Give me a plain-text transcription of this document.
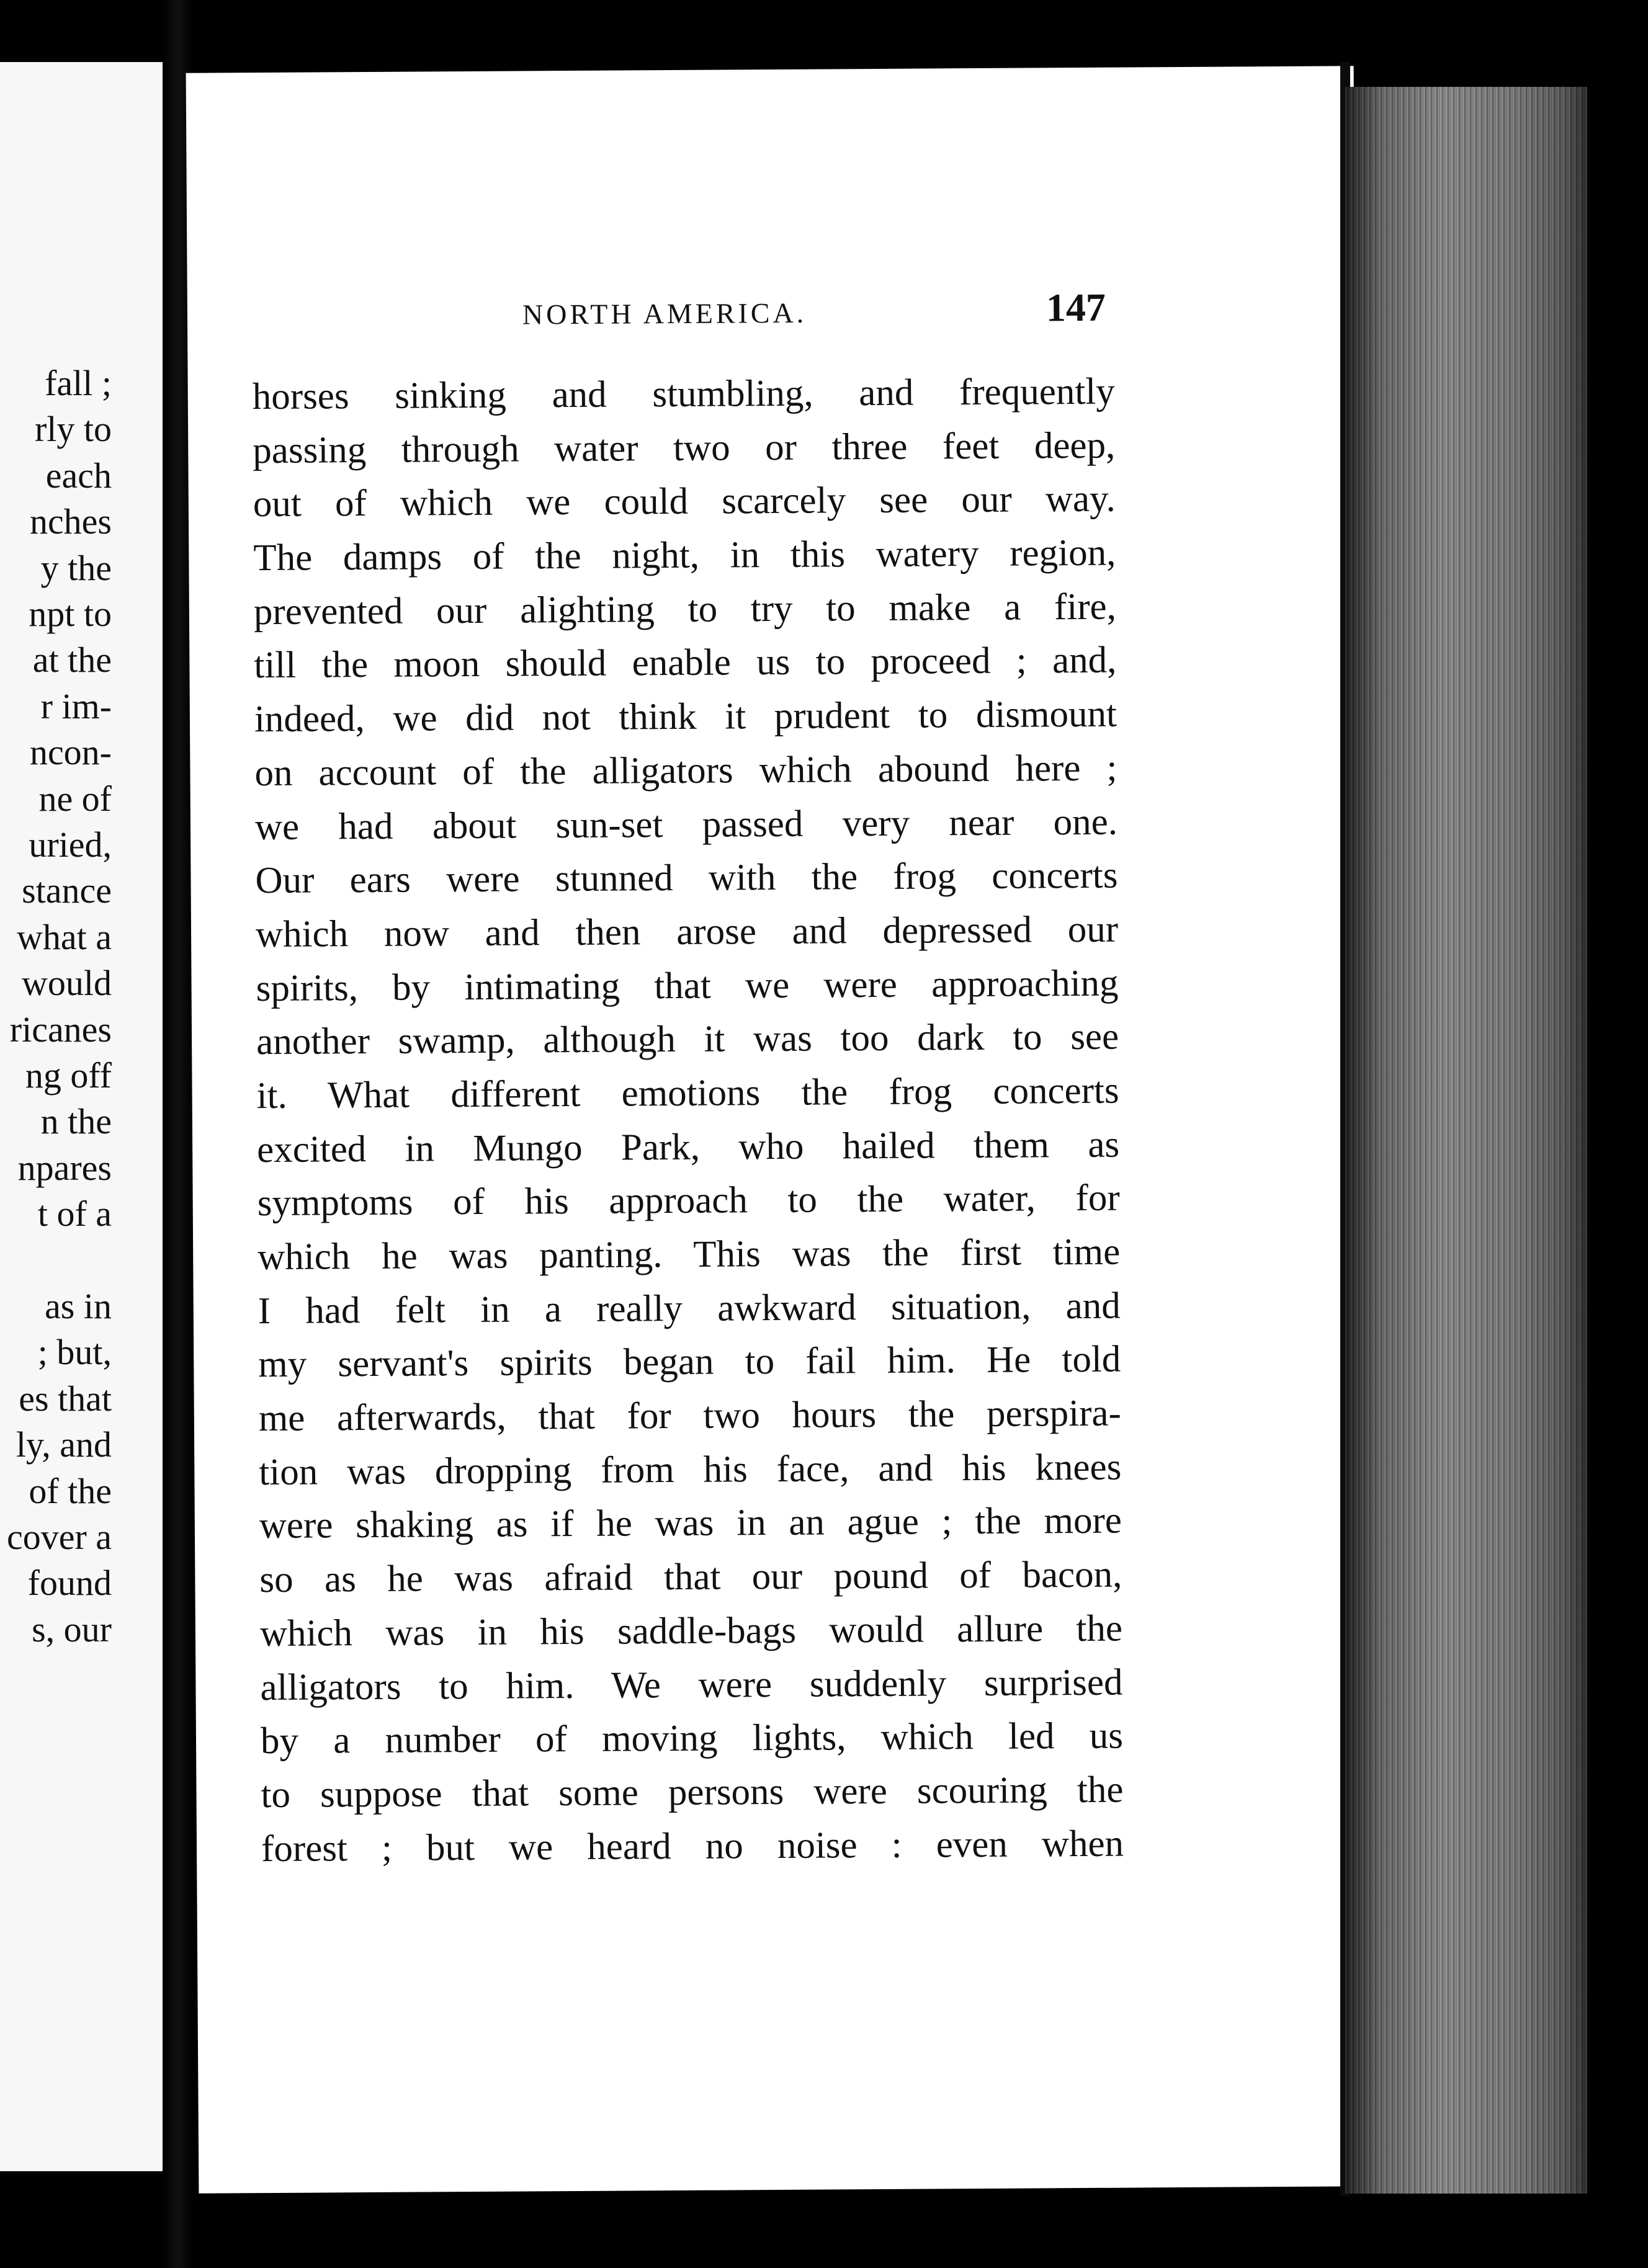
fall ;
rly to
each
nches
y the
npt to
at the
r im-
ncon-
ne of
uried,
stance
what a
would
ricanes
ng off
n the
npares
t of a
as in
; but,
es that
ly, and
of the
cover a
found
s, our
NORTH AMERICA.	147
horses sinking and stumbling, and frequently
passing through water two or three feet deep,
out of which we could scarcely see our way.
The damps of the night, in this watery region,
prevented our alighting to try to make a fire,
till the moon should enable us to proceed ; and,
indeed, we did not think it prudent to dismount
on account of the alligators which abound here ;
we had about sun-set passed very near one.
Our ears were stunned with the frog concerts
which now and then arose and depressed our
spirits, by intimating that we were approaching
another swamp, although it was too dark to see
it. What different emotions the frog concerts
excited in Mungo Park, who hailed them as
symptoms of his approach to the water, for
which he was panting. This was the first time
I had felt in a really awkward situation, and
my servant's spirits began to fail him. He told
me afterwards, that for two hours the perspira-
tion was dropping from his face, and his knees
were shaking as if he was in an ague ; the more
so as he was afraid that our pound of bacon,
which was in his saddle-bags would allure the
alligators to him. We were suddenly surprised
by a number of moving lights, which led us
to suppose that some persons were scouring the
forest ; but we heard no noise : even when
